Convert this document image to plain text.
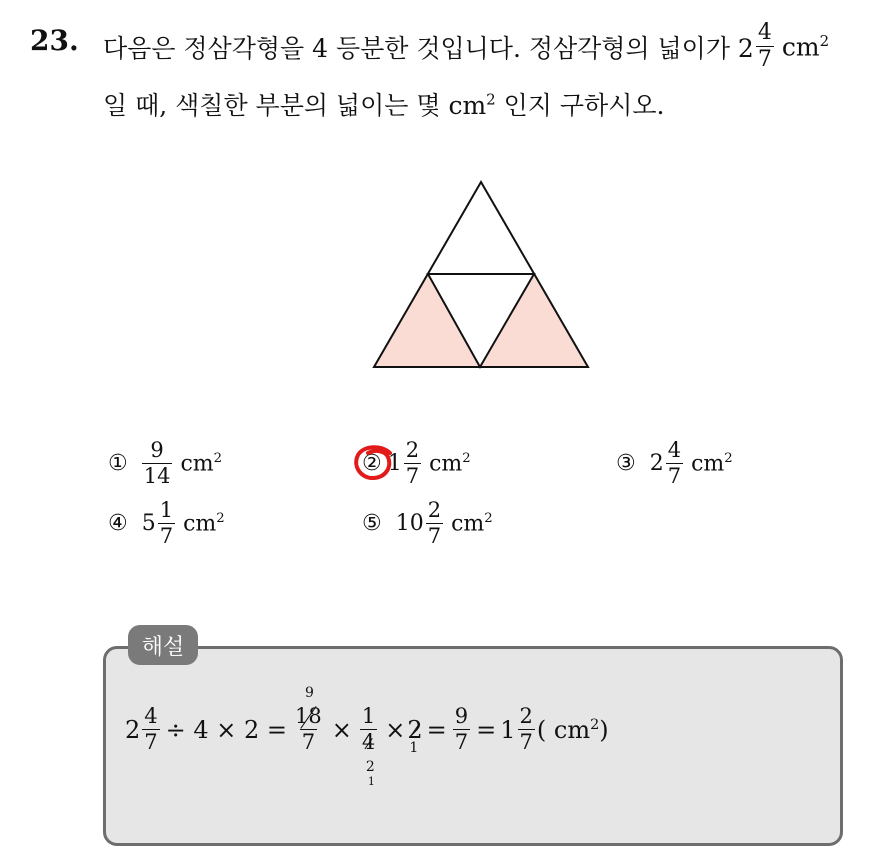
23. 다음은 정삼각형을 4 등분한 것입니다. 정삼각형의 넓이가 $2 \frac{4}{7} cm^2$
일 때, 색칠한 부분의 넓이는 몇 $cm^2$ 인지 구하시오.
① $\frac{9}{14} cm^2$	② $1 \frac{2}{7} cm^2$	③ $2 \frac{4}{7} cm^2$
④ $5 \frac{1}{7} cm^2$	⑤ $10 \frac{2}{7} cm^2$
해설
$2 \frac{4}{7} \div 4 \times 2$ =
9
18
7 × 1
4
2
1
× 2
1
= $\frac{9}{7} = 1 \frac{2}{7}$ ( $cm^2$)
